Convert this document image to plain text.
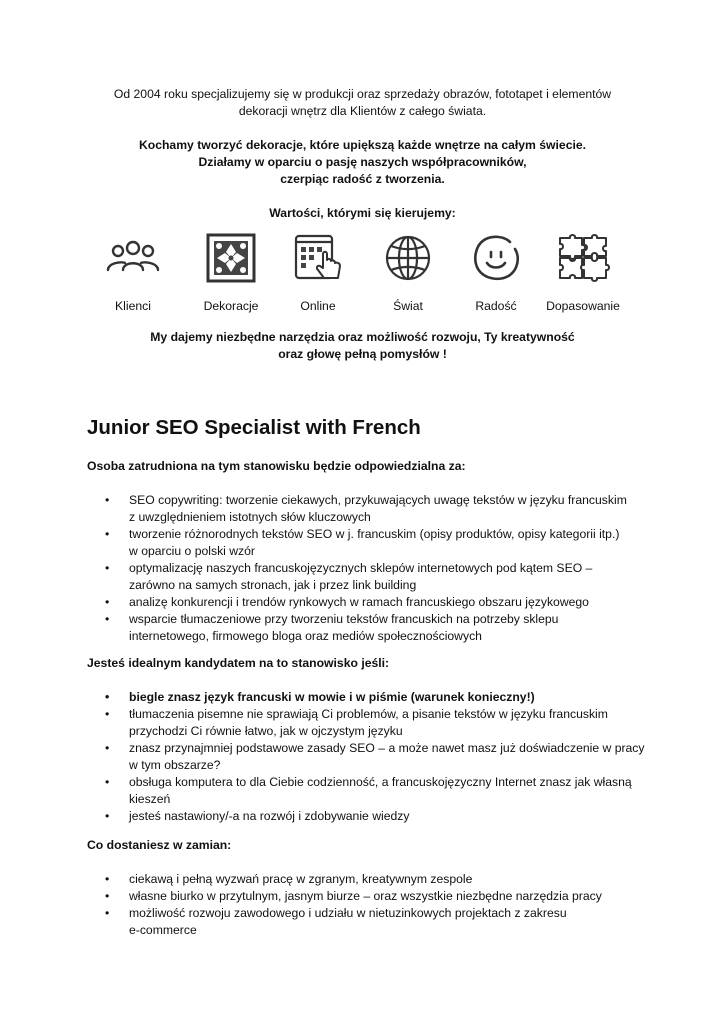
Od 2004 roku specjalizujemy się w produkcji oraz sprzedaży obrazów, fototapet i elementów

dekoracji wnętrz dla Klientów z całego świata.

Kochamy tworzyć dekoracje, które upiększą każde wnętrze na całym świecie.

Działamy w oparciu o pasję naszych współpracowników,

czerpiąc radość z tworzenia.

Wartości, którymi się kierujemy:

Klienci	Dekoracje	Online	Świat	Radość	Dopasowanie

My dajemy niezbędne narzędzia oraz możliwość rozwoju, Ty kreatywność

oraz głowę pełną pomysłów !

Junior SEO Specialist with French
Osoba zatrudniona na tym stanowisku będzie odpowiedzialna za:
• SEO copywriting: tworzenie ciekawych, przykuwających uwagę tekstów w języku francuskim
z uwzględnieniem istotnych słów kluczowych
• tworzenie różnorodnych tekstów SEO w j. francuskim (opisy produktów, opisy kategorii itp.)
w oparciu o polski wzór
• optymalizację naszych francuskojęzycznych sklepów internetowych pod kątem SEO –
zarówno na samych stronach, jak i przez link building
• analizę konkurencji i trendów rynkowych w ramach francuskiego obszaru językowego
• wsparcie tłumaczeniowe przy tworzeniu tekstów francuskich na potrzeby sklepu
internetowego, firmowego bloga oraz mediów społecznościowych
Jesteś idealnym kandydatem na to stanowisko jeśli:
• biegle znasz język francuski w mowie i w piśmie (warunek konieczny!)
• tłumaczenia pisemne nie sprawiają Ci problemów, a pisanie tekstów w języku francuskim
przychodzi Ci równie łatwo, jak w ojczystym języku
• znasz przynajmniej podstawowe zasady SEO – a może nawet masz już doświadczenie w pracy
w tym obszarze?
• obsługa komputera to dla Ciebie codzienność, a francuskojęzyczny Internet znasz jak własną
kieszeń
• jesteś nastawiony/-a na rozwój i zdobywanie wiedzy
Co dostaniesz w zamian:
• ciekawą i pełną wyzwań pracę w zgranym, kreatywnym zespole
• własne biurko w przytulnym, jasnym biurze – oraz wszystkie niezbędne narzędzia pracy
• możliwość rozwoju zawodowego i udziału w nietuzinkowych projektach z zakresu
e-commerce
